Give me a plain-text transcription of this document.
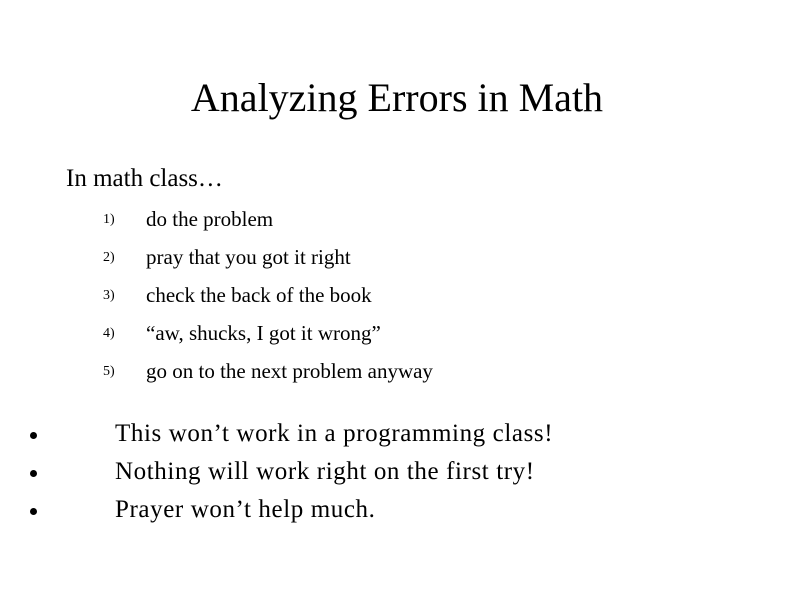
Analyzing Errors in Math
In math class…
1) do the problem
2) pray that you got it right
3) check the back of the book
4) “aw, shucks, I got it wrong”
5) go on to the next problem anyway
This won’t work in a programming class!
Nothing will work right on the first try!
Prayer won’t help much.
